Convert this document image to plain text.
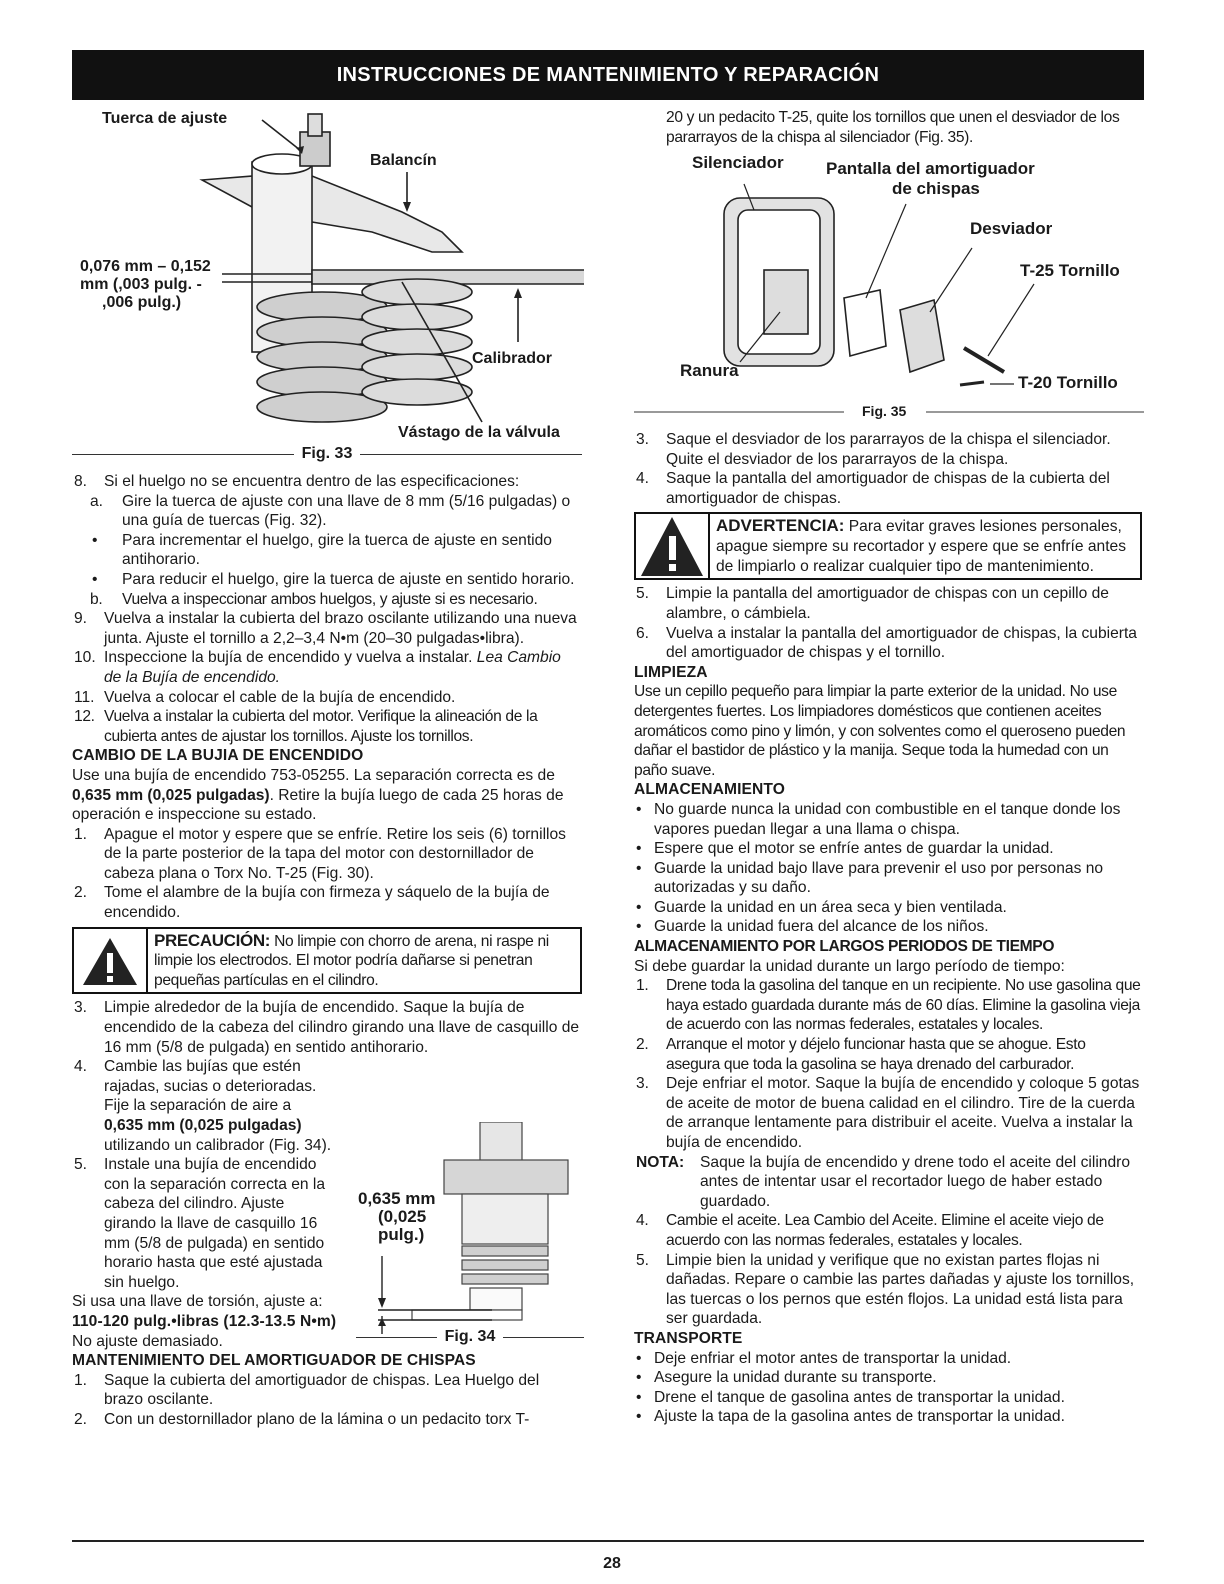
INSTRUCCIONES DE MANTENIMIENTO Y REPARACIÓN
Tuerca de ajuste
Balancín
0,076 mm – 0,152
mm (,003 pulg. -
,006 pulg.)
Calibrador
Vástago de la válvula
Fig. 33

8. Si el huelgo no se encuentra dentro de las especificaciones:

a. Gire la tuerca de ajuste con una llave de 8 mm (5/16 pulgadas) o una guía de tuercas (Fig. 32).

• Para incrementar el huelgo, gire la tuerca de ajuste en sentido antihorario.

• Para reducir el huelgo, gire la tuerca de ajuste en sentido horario.

b. Vuelva a inspeccionar ambos huelgos, y ajuste si es necesario.

9. Vuelva a instalar la cubierta del brazo oscilante utilizando una nueva junta. Ajuste el tornillo a 2,2–3,4 N•m (20–30 pulgadas•libra).

10. Inspeccione la bujía de encendido y vuelva a instalar. Lea Cambio de la Bujía de encendido.

11. Vuelva a colocar el cable de la bujía de encendido.

12. Vuelva a instalar la cubierta del motor. Verifique la alineación de la cubierta antes de ajustar los tornillos. Ajuste los tornillos.

CAMBIO DE LA BUJIA DE ENCENDIDO

Use una bujía de encendido 753-05255. La separación correcta es de 0,635 mm (0,025 pulgadas). Retire la bujía luego de cada 25 horas de operación e inspeccione su estado.

1. Apague el motor y espere que se enfríe. Retire los seis (6) tornillos de la parte posterior de la tapa del motor con destornillador de cabeza plana o Torx No. T-25 (Fig. 30).

2. Tome el alambre de la bujía con firmeza y sáquelo de la bujía de encendido.

PRECAUCIÓN: No limpie con chorro de arena, ni raspe ni limpie los electrodos. El motor podría dañarse si penetran pequeñas partículas en el cilindro.

3. Limpie alrededor de la bujía de encendido. Saque la bujía de encendido de la cabeza del cilindro girando una llave de casquillo de 16 mm (5/8 de pulgada) en sentido antihorario.

4. Cambie las bujías que estén rajadas, sucias o deterioradas. Fije la separación de aire a 0,635 mm (0,025 pulgadas) utilizando un calibrador (Fig. 34).

5. Instale una bujía de encendido con la separación correcta en la cabeza del cilindro. Ajuste girando la llave de casquillo 16 mm (5/8 de pulgada) en sentido horario hasta que esté ajustada sin huelgo.

Si usa una llave de torsión, ajuste a:

110-120 pulg.•libras (12.3-13.5 N•m)

No ajuste demasiado.

MANTENIMIENTO DEL AMORTIGUADOR DE CHISPAS

1. Saque la cubierta del amortiguador de chispas. Lea Huelgo del brazo oscilante.

2. Con un destornillador plano de la lámina o un pedacito torx T-

0,635 mm
(0,025
pulg.)
Fig. 34

20 y un pedacito T-25, quite los tornillos que unen el desviador de los pararrayos de la chispa al silenciador (Fig. 35).

Silenciador Pantalla del amortiguador
de chispas
Desviador
T-25 Tornillo
Ranura
T-20 Tornillo
Fig. 35

3. Saque el desviador de los pararrayos de la chispa el silenciador. Quite el desviador de los pararrayos de la chispa.

4. Saque la pantalla del amortiguador de chispas de la cubierta del amortiguador de chispas.

ADVERTENCIA: Para evitar graves lesiones personales, apague siempre su recortador y espere que se enfríe antes de limpiarlo o realizar cualquier tipo de mantenimiento.

5. Limpie la pantalla del amortiguador de chispas con un cepillo de alambre, o cámbiela.

6. Vuelva a instalar la pantalla del amortiguador de chispas, la cubierta del amortiguador de chispas y el tornillo.

LIMPIEZA

Use un cepillo pequeño para limpiar la parte exterior de la unidad. No use detergentes fuertes. Los limpiadores domésticos que contienen aceites aromáticos como pino y limón, y con solventes como el queroseno pueden dañar el bastidor de plástico y la manija. Seque toda la humedad con un paño suave.

ALMACENAMIENTO

• No guarde nunca la unidad con combustible en el tanque donde los vapores puedan llegar a una llama o chispa.

• Espere que el motor se enfríe antes de guardar la unidad.

• Guarde la unidad bajo llave para prevenir el uso por personas no autorizadas y su daño.

• Guarde la unidad en un área seca y bien ventilada.

• Guarde la unidad fuera del alcance de los niños.

ALMACENAMIENTO POR LARGOS PERIODOS DE TIEMPO

Si debe guardar la unidad durante un largo período de tiempo:

1. Drene toda la gasolina del tanque en un recipiente. No use gasolina que haya estado guardada durante más de 60 días. Elimine la gasolina vieja de acuerdo con las normas federales, estatales y locales.

2. Arranque el motor y déjelo funcionar hasta que se ahogue. Esto asegura que toda la gasolina se haya drenado del carburador.

3. Deje enfriar el motor. Saque la bujía de encendido y coloque 5 gotas de aceite de motor de buena calidad en el cilindro. Tire de la cuerda de arranque lentamente para distribuir el aceite. Vuelva a instalar la bujía de encendido.

NOTA: Saque la bujía de encendido y drene todo el aceite del cilindro antes de intentar usar el recortador luego de haber estado guardado.

4. Cambie el aceite. Lea Cambio del Aceite. Elimine el aceite viejo de acuerdo con las normas federales, estatales y locales.

5. Limpie bien la unidad y verifique que no existan partes flojas ni dañadas. Repare o cambie las partes dañadas y ajuste los tornillos, las tuercas o los pernos que estén flojos. La unidad está lista para ser guardada.

TRANSPORTE

• Deje enfriar el motor antes de transportar la unidad.

• Asegure la unidad durante su transporte.

• Drene el tanque de gasolina antes de transportar la unidad.

• Ajuste la tapa de la gasolina antes de transportar la unidad.

28
